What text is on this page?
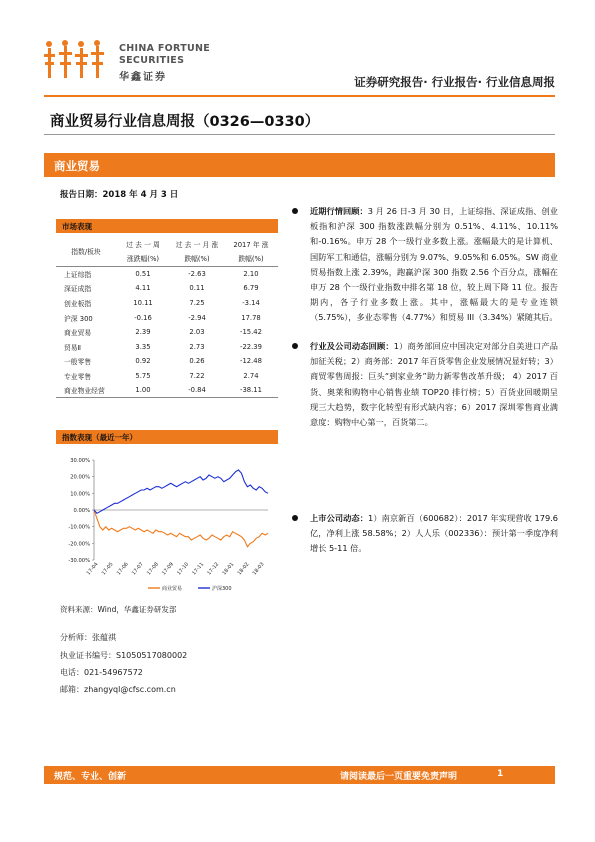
CHINA FORTUNE
SECURITIES
华鑫证券	证券研究报告· 行业报告· 行业信息周报
商业贸易行业信息周报（0326—0330）
商业贸易
报告日期：2018 年 4 月 3 日
市场表现
指数/板块	过 去 一 周	过 去 一 月 涨	2017 年 涨
	涨跌幅(%)	跌幅(%)	跌幅(%)
上证综指	0.51	-2.63	2.10
深证成指	4.11	0.11	6.79
创业板指	10.11	7.25	-3.14
沪深 300	-0.16	-2.94	17.78
商业贸易	2.39	2.03	-15.42
贸易Ⅱ	3.35	2.73	-22.39
一般零售	0.92	0.26	-12.48
专业零售	5.75	7.22	2.74
商业物业经营	1.00	-0.84	-38.11
指数表现（最近一年）
30.00%
20.00%
10.00%
0.00%
-10.00%
-20.00%
-30.00%
17-04 17-05 17-06 17-07 17-08 17-09 17-10 17-11 17-12 18-01 18-02 18-03
商业贸易	沪深300
资料来源：Wind，华鑫证券研发部
分析师：张蕴祺
执业证书编号：S1050517080002
电话：021-54967572
邮箱：zhangyql@cfsc.com.cn
近期行情回顾：3 月 26 日-3 月 30 日，上证综指、深证成指、创业板指和沪深 300 指数涨跌幅分别为 0.51%、4.11%、10.11%和-0.16%。申万 28 个一级行业多数上涨。涨幅最大的是计算机、国防军工和通信，涨幅分别为 9.07%、9.05%和 6.05%。SW 商业贸易指数上涨 2.39%，跑赢沪深 300 指数 2.56 个百分点，涨幅在申万 28 个一级行业指数中排名第 18 位，较上周下降 11 位。报告期内，各子行业多数上涨。其中，涨幅最大的是专业连锁（5.75%），多业态零售（4.77%）和贸易 III（3.34%）紧随其后。
行业及公司动态回顾：1）商务部回应中国决定对部分自美进口产品加征关税；2）商务部：2017 年百货零售企业发展情况显好转；3）商贸零售周报：巨头“到家业务”助力新零售改革升级； 4）2017 百货、奥莱和购物中心销售业绩 TOP20 排行榜；5）百货业回暖期呈现三大趋势，数字化转型有形式缺内容；6）2017 深圳零售商业满意度：购物中心第一，百货第二。
上市公司动态：1）南京新百（600682）：2017 年实现营收 179.6 亿，净利上涨 58.58%；2）人人乐（002336）：预计第一季度净利增长 5-11 倍。
规范、专业、创新	请阅读最后一页重要免责声明	1
